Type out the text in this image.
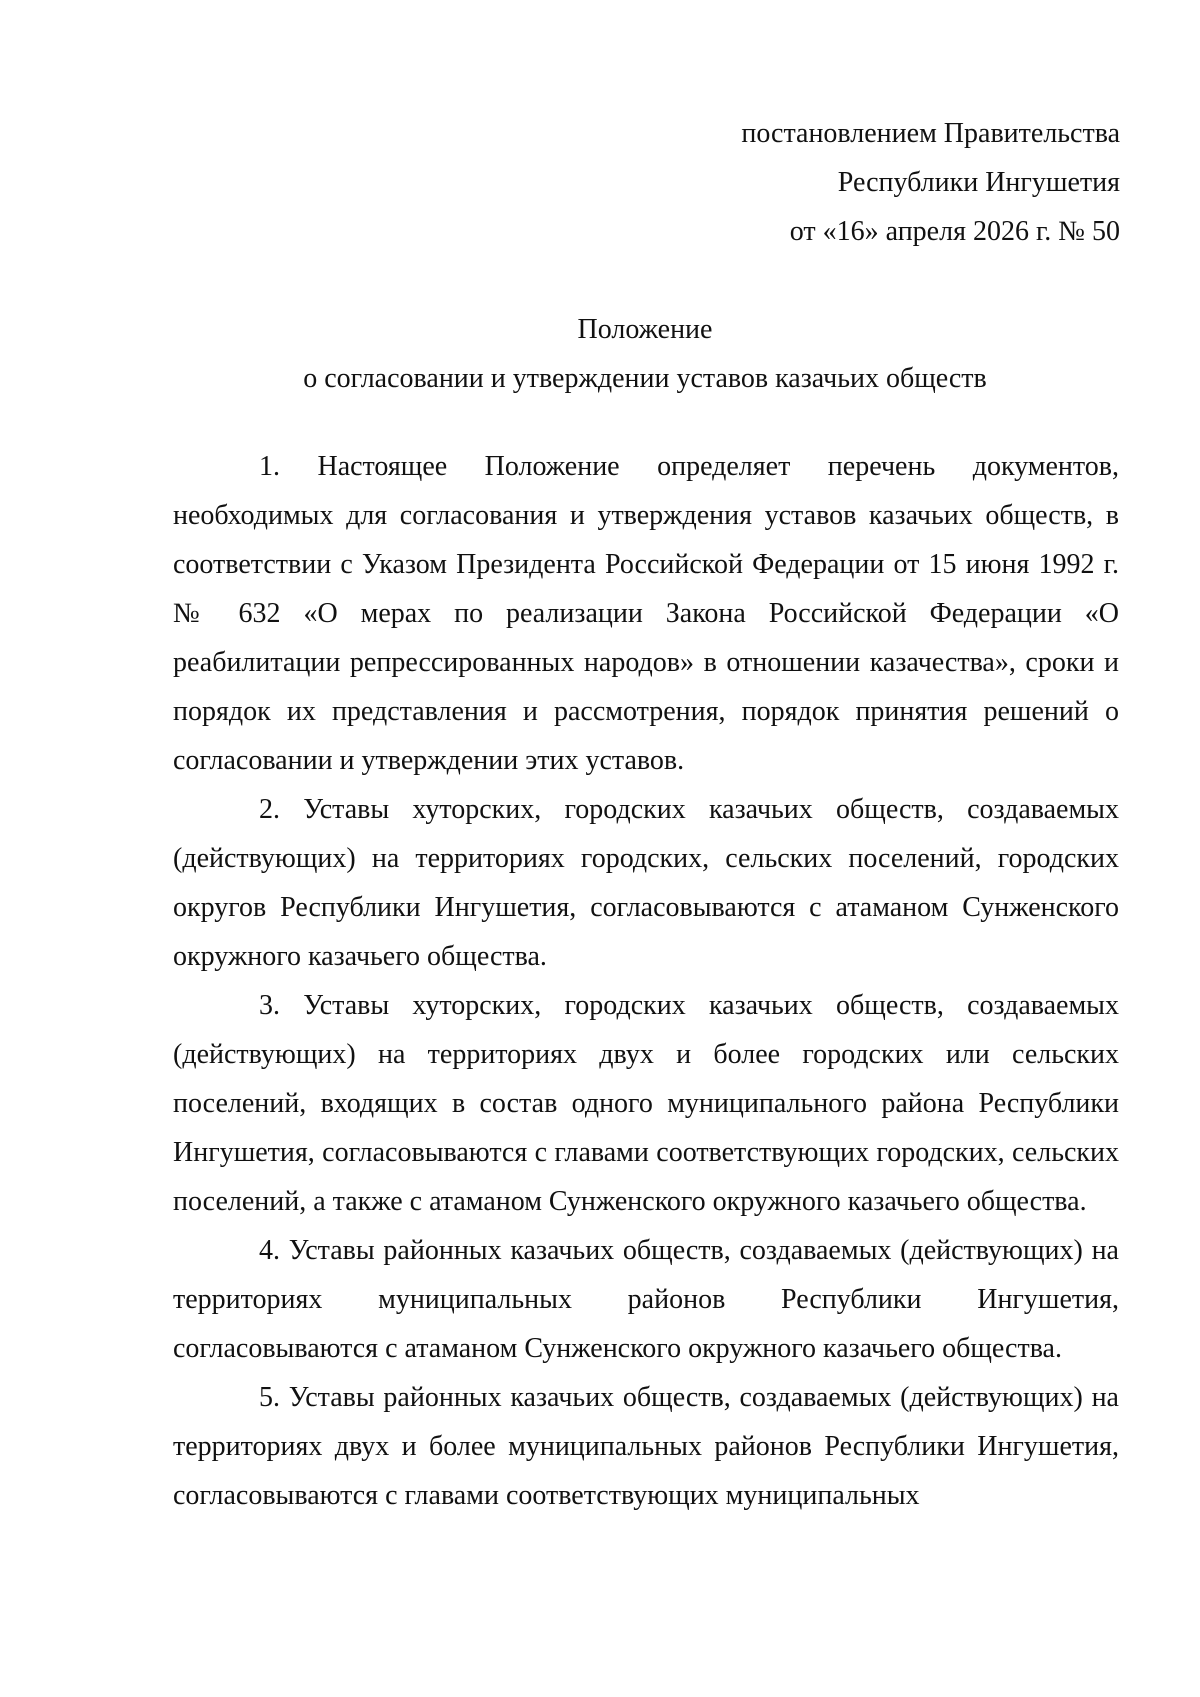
постановлением Правительства
Республики Ингушетия
от «16» апреля 2026 г. № 50
Положение
о согласовании и утверждении уставов казачьих обществ

1. Настоящее Положение определяет перечень документов, необходимых для согласования и утверждения уставов казачьих обществ, в соответствии с Указом Президента Российской Федерации от 15 июня 1992 г. № 632 «О мерах по реализации Закона Российской Федерации «О реабилитации репрессированных народов» в отношении казачества», сроки и порядок их представления и рассмотрения, порядок принятия решений о согласовании и утверждении этих уставов.

2. Уставы хуторских, городских казачьих обществ, создаваемых (действующих) на территориях городских, сельских поселений, городских округов Республики Ингушетия, согласовываются с атаманом Сунженского окружного казачьего общества.

3. Уставы хуторских, городских казачьих обществ, создаваемых (действующих) на территориях двух и более городских или сельских поселений, входящих в состав одного муниципального района Республики Ингушетия, согласовываются с главами соответствующих городских, сельских поселений, а также с атаманом Сунженского окружного казачьего общества.

4. Уставы районных казачьих обществ, создаваемых (действующих) на территориях муниципальных районов Республики Ингушетия, согласовываются с атаманом Сунженского окружного казачьего общества.

5. Уставы районных казачьих обществ, создаваемых (действующих) на территориях двух и более муниципальных районов Республики Ингушетия, согласовываются с главами соответствующих муниципальных
